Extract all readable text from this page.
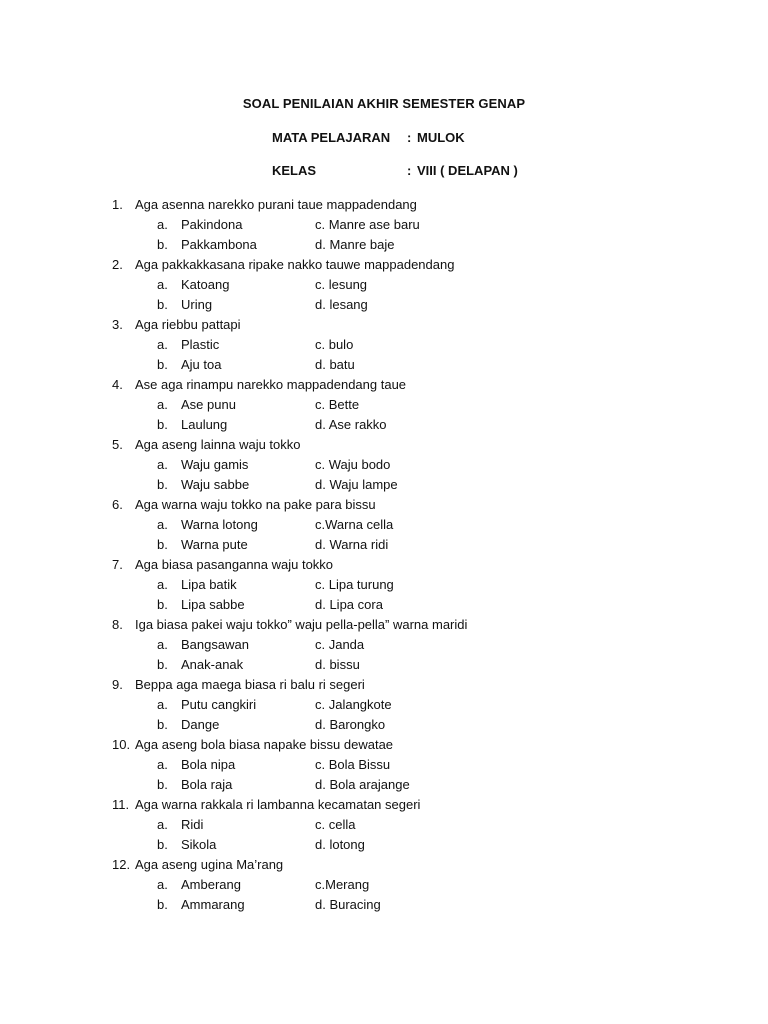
SOAL PENILAIAN AKHIR SEMESTER GENAP
MATA PELAJARAN : MULOK
KELAS	: VIII ( DELAPAN )
1. Aga asenna narekko purani taue mappadendang
a.	Pakindona	c. Manre ase baru
b.	Pakkambona	d. Manre baje
2. Aga pakkakkasana ripake nakko tauwe mappadendang
a.	Katoang	c. lesung
b.	Uring	d. lesang
3. Aga riebbu pattapi
a.	Plastic	c. bulo
b.	Aju toa	d. batu
4. Ase aga rinampu narekko mappadendang taue
a.	Ase punu	c. Bette
b.	Laulung	d. Ase rakko
5. Aga aseng lainna waju tokko
a.	Waju gamis	c. Waju bodo
b.	Waju sabbe	d. Waju lampe
6. Aga warna waju tokko na pake para bissu
a.	Warna lotong	c.Warna cella
b.	Warna pute	d. Warna ridi
7. Aga biasa pasanganna waju tokko
a.	Lipa batik	c. Lipa turung
b.	Lipa sabbe	d. Lipa cora
8. Iga biasa pakei waju tokko” waju pella-pella” warna maridi
a.	Bangsawan	c. Janda
b.	Anak-anak	d. bissu
9. Beppa aga maega biasa ri balu ri segeri
a.	Putu cangkiri	c. Jalangkote
b.	Dange	d. Barongko
10. Aga aseng bola biasa napake bissu dewatae
a.	Bola nipa	c. Bola Bissu
b.	Bola raja	d. Bola arajange
11. Aga warna rakkala ri lambanna kecamatan segeri
a.	Ridi	c. cella
b.	Sikola	d. lotong
12. Aga aseng ugina Ma’rang
a.	Amberang	c.Merang
b.	Ammarang	d. Buracing
